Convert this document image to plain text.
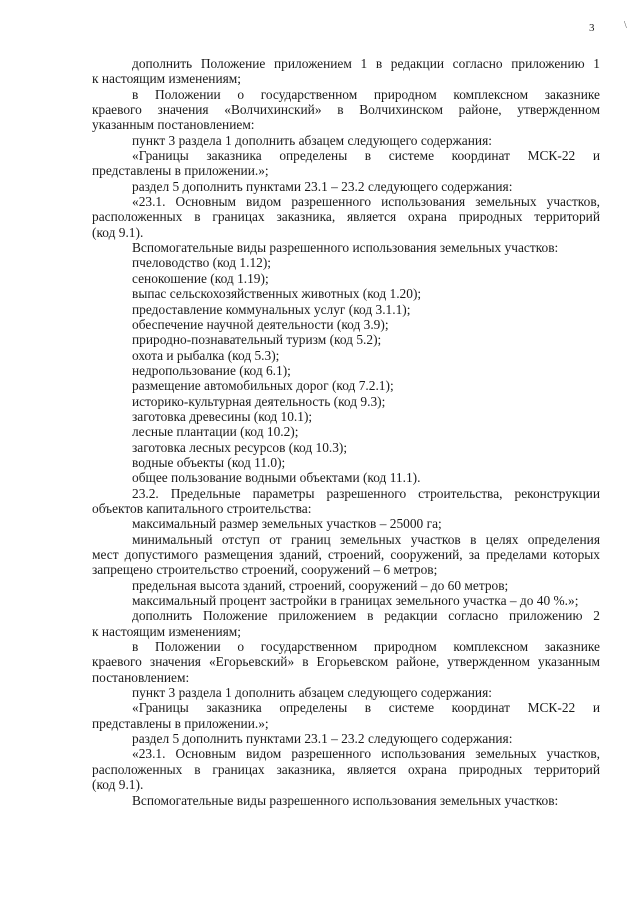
3	\
дополнить Положение приложением 1 в редакции согласно приложению 1
к настоящим изменениям;
в Положении о государственном природном комплексном заказнике
краевого значения «Волчихинский» в Волчихинском районе, утвержденном
указанным постановлением:
пункт 3 раздела 1 дополнить абзацем следующего содержания:
«Границы заказника определены в системе координат МСК-22 и
представлены в приложении.»;
раздел 5 дополнить пунктами 23.1 – 23.2 следующего содержания:
«23.1. Основным видом разрешенного использования земельных участков,
расположенных в границах заказника, является охрана природных территорий
(код 9.1).
Вспомогательные виды разрешенного использования земельных участков:
пчеловодство (код 1.12);
сенокошение (код 1.19);
выпас сельскохозяйственных животных (код 1.20);
предоставление коммунальных услуг (код 3.1.1);
обеспечение научной деятельности (код 3.9);
природно-познавательный туризм (код 5.2);
охота и рыбалка (код 5.3);
недропользование (код 6.1);
размещение автомобильных дорог (код 7.2.1);
историко-культурная деятельность (код 9.3);
заготовка древесины (код 10.1);
лесные плантации (код 10.2);
заготовка лесных ресурсов (код 10.3);
водные объекты (код 11.0);
общее пользование водными объектами (код 11.1).
23.2. Предельные параметры разрешенного строительства, реконструкции
объектов капитального строительства:
максимальный размер земельных участков – 25000 га;
минимальный отступ от границ земельных участков в целях определения
мест допустимого размещения зданий, строений, сооружений, за пределами которых
запрещено строительство строений, сооружений – 6 метров;
предельная высота зданий, строений, сооружений – до 60 метров;
максимальный процент застройки в границах земельного участка – до 40 %.»;
дополнить Положение приложением в редакции согласно приложению 2
к настоящим изменениям;
в Положении о государственном природном комплексном заказнике
краевого значения «Егорьевский» в Егорьевском районе, утвержденном указанным
постановлением:
пункт 3 раздела 1 дополнить абзацем следующего содержания:
«Границы заказника определены в системе координат МСК-22 и
представлены в приложении.»;
раздел 5 дополнить пунктами 23.1 – 23.2 следующего содержания:
«23.1. Основным видом разрешенного использования земельных участков,
расположенных в границах заказника, является охрана природных территорий
(код 9.1).
Вспомогательные виды разрешенного использования земельных участков:
